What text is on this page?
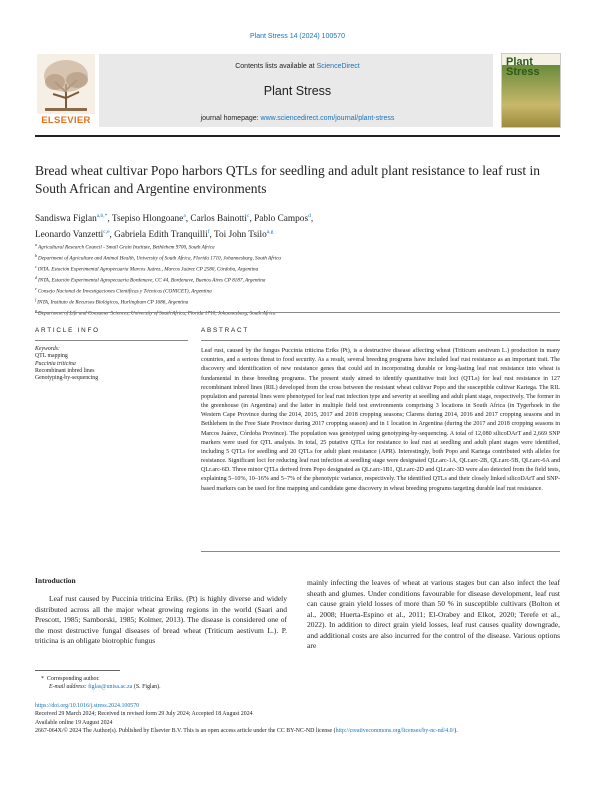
Plant Stress 14 (2024) 100570
ELSEVIER
Contents lists available at ScienceDirect
Plant Stress
journal homepage: www.sciencedirect.com/journal/plant-stress
Plant Stress
Bread wheat cultivar Popo harbors QTLs for seedling and adult plant resistance to leaf rust in South African and Argentine environments
Sandiswa Figlan$^{a,b,*}$, Tsepiso Hlongoane$^a$, Carlos Bainotti$^c$, Pablo Campos$^d$,
Leonardo Vanzetti$^{c,e}$, Gabriela Edith Tranquilli$^f$, Toi John Tsilo$^{a,g}$
$^a$ Agricultural Research Council - Small Grain Institute, Bethlehem 9700, South Africa
$^b$ Department of Agriculture and Animal Health, University of South Africa, Florida 1710, Johannesburg, South Africa
$^c$ INTA. Estación Experimental Agropecuaria Marcos Juárez., Marcos Juárez CP 2580, Córdoba, Argentina
$^d$ INTA, Estación Experimental Agropecuaria Bordenave, CC 44, Bordenave, Buenos Aires CP 8187, Argentina
$^e$ Consejo Nacional de Investigaciones Científicas y Técnicas (CONICET), Argentina
$^f$ INTA, Instituto de Recursos Biológicos, Hurlingham CP 1686, Argentina
$^g$ Department of Life and Consumer Sciences, University of South Africa, Florida 1710, Johannesburg, South Africa
ARTICLE INFO	ABSTRACT
Keywords:
QTL mapping
Puccinia triticina
Recombinant inbred lines
Genotyping-by-sequencing
Leaf rust, caused by the fungus Puccinia triticina Eriks (Pt), is a destructive disease affecting wheat (Triticum aestivum L.) production in many countries, and a serious threat to food security. As a result, several breeding programs have included leaf rust resistance as an important trait. The discovery and identification of new resistance genes that could aid in incorporating durable or long-lasting leaf rust resistance into wheat is fundamental in these breeding programs. The present study aimed to identify quantitative trait loci (QTLs) for leaf rust resistance in 127 recombinant inbred lines (RIL) developed from the cross between the resistant wheat cultivar Popo and the susceptible cultivar Kariega. The RIL population and parental lines were phenotyped for leaf rust infection type and severity at seedling and adult plant stage, respectively. The former in the greenhouse (in Argentina) and the latter in multiple field test environments comprising 3 locations in South Africa (in Tygerhoek in the Western Cape Province during the 2014, 2015, 2017 and 2018 cropping seasons; Clarens during 2014, 2016 and 2017 cropping seasons and in Bethlehem in the Free State Province during 2017 cropping season) and in 1 location in Argentina (during the 2017 and 2018 cropping seasons in Marcos Juárez, Córdoba Province). The population was genotyped using genotyping-by-sequencing. A total of 12,080 silicoDArT and 2,669 SNP markers were used for QTL analysis. In total, 25 putative QTLs for resistance to leaf rust at seedling and adult plant stages were identified, including 5 QTLs for seedling and 20 QTLs for adult plant resistance (APR). Interestingly, both Popo and Kariega contributed with alleles for resistance. Significant loci for reducing leaf rust infection at seedling stage were designated QLr.arc-1A, QLr.arc-2B, QLr.arc-5B, QLr.arc-6A and QLr.arc-6D. Three minor QTLs derived from Popo designated as QLr.arc-1B1, QLr.arc-2D and QLr.arc-3D were also detected from the field tests, explaining 5–10%, 10–16% and 5–7% of the phenotypic variance, respectively. The identified QTLs and their closely linked silicoDArT and SNP-based markers can be used for fine mapping and candidate gene discovery in wheat breeding programs targeting durable leaf rust resistance.
Introduction
Leaf rust caused by Puccinia triticina Eriks. (Pt) is highly diverse and widely distributed across all the major wheat growing regions in the world (Saari and Prescott, 1985; Samborski, 1985; Kolmer, 2013). The disease is considered one of the most destructive fungal diseases of bread wheat (Triticum aestivum L.). P. triticina is an obligate biotrophic fungus
mainly infecting the leaves of wheat at various stages but can also infect the leaf sheath and glumes. Under conditions favourable for disease development, leaf rust can cause grain yield losses of more than 50 % in susceptible cultivars (Bolton et al., 2008; Huerta-Espino et al., 2011; El-Orabey and Elkot, 2020; Terefe et al., 2022). In addition to direct grain yield losses, leaf rust causes quality downgrade, and additional costs are also incurred for the control of the disease. Various options are
*  Corresponding author.
E-mail address: figlas@unisa.ac.za (S. Figlan).
https://doi.org/10.1016/j.stress.2024.100570
Received 29 March 2024; Received in revised form 29 July 2024; Accepted 18 August 2024
Available online 19 August 2024
2667-064X/© 2024 The Author(s). Published by Elsevier B.V. This is an open access article under the CC BY-NC-ND license (http://creativecommons.org/licenses/by-nc-nd/4.0/).
